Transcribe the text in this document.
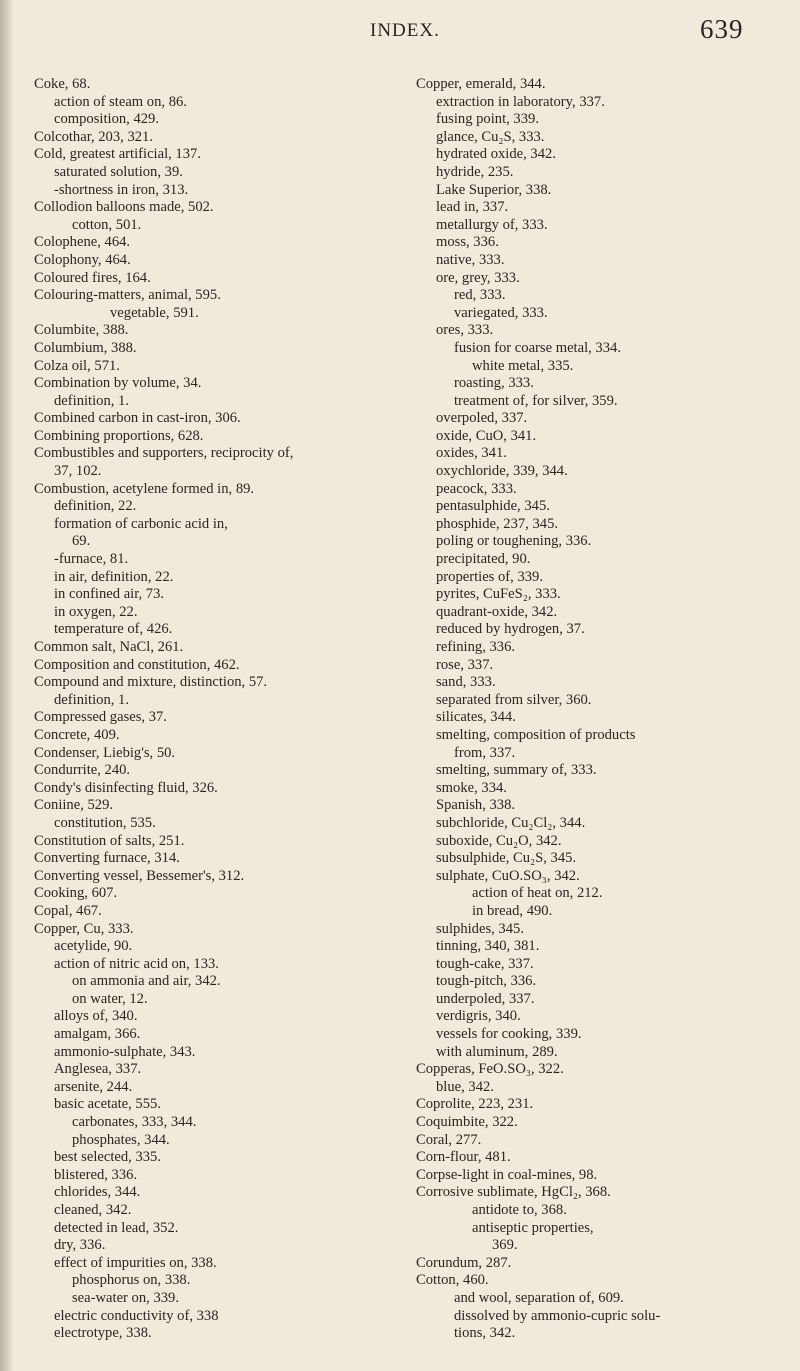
INDEX.	639
Coke, 68.
action of steam on, 86.
composition, 429.
Colcothar, 203, 321.
Cold, greatest artificial, 137.
saturated solution, 39.
-shortness in iron, 313.
Collodion balloons made, 502.
cotton, 501.
Colophene, 464.
Colophony, 464.
Coloured fires, 164.
Colouring-matters, animal, 595.
vegetable, 591.
Columbite, 388.
Columbium, 388.
Colza oil, 571.
Combination by volume, 34.
definition, 1.
Combined carbon in cast-iron, 306.
Combining proportions, 628.
Combustibles and supporters, reciprocity of,
37, 102.
Combustion, acetylene formed in, 89.
definition, 22.
formation of carbonic acid in,
69.
-furnace, 81.
in air, definition, 22.
in confined air, 73.
in oxygen, 22.
temperature of, 426.
Common salt, NaCl, 261.
Composition and constitution, 462.
Compound and mixture, distinction, 57.
definition, 1.
Compressed gases, 37.
Concrete, 409.
Condenser, Liebig's, 50.
Condurrite, 240.
Condy's disinfecting fluid, 326.
Coniine, 529.
constitution, 535.
Constitution of salts, 251.
Converting furnace, 314.
Converting vessel, Bessemer's, 312.
Cooking, 607.
Copal, 467.
Copper, Cu, 333.
acetylide, 90.
action of nitric acid on, 133.
on ammonia and air, 342.
on water, 12.
alloys of, 340.
amalgam, 366.
ammonio-sulphate, 343.
Anglesea, 337.
arsenite, 244.
basic acetate, 555.
carbonates, 333, 344.
phosphates, 344.
best selected, 335.
blistered, 336.
chlorides, 344.
cleaned, 342.
detected in lead, 352.
dry, 336.
effect of impurities on, 338.
phosphorus on, 338.
sea-water on, 339.
electric conductivity of, 338
electrotype, 338.
Copper, emerald, 344.
extraction in laboratory, 337.
fusing point, 339.
glance, Cu₂S, 333.
hydrated oxide, 342.
hydride, 235.
Lake Superior, 338.
lead in, 337.
metallurgy of, 333.
moss, 336.
native, 333.
ore, grey, 333.
red, 333.
variegated, 333.
ores, 333.
fusion for coarse metal, 334.
white metal, 335.
roasting, 333.
treatment of, for silver, 359.
overpoled, 337.
oxide, CuO, 341.
oxides, 341.
oxychloride, 339, 344.
peacock, 333.
pentasulphide, 345.
phosphide, 237, 345.
poling or toughening, 336.
precipitated, 90.
properties of, 339.
pyrites, CuFeS₂, 333.
quadrant-oxide, 342.
reduced by hydrogen, 37.
refining, 336.
rose, 337.
sand, 333.
separated from silver, 360.
silicates, 344.
smelting, composition of products
from, 337.
smelting, summary of, 333.
smoke, 334.
Spanish, 338.
subchloride, Cu₂Cl₂, 344.
suboxide, Cu₂O, 342.
subsulphide, Cu₂S, 345.
sulphate, CuO.SO₃, 342.
action of heat on, 212.
in bread, 490.
sulphides, 345.
tinning, 340, 381.
tough-cake, 337.
tough-pitch, 336.
underpoled, 337.
verdigris, 340.
vessels for cooking, 339.
with aluminum, 289.
Copperas, FeO.SO₃, 322.
blue, 342.
Coprolite, 223, 231.
Coquimbite, 322.
Coral, 277.
Corn-flour, 481.
Corpse-light in coal-mines, 98.
Corrosive sublimate, HgCl₂, 368.
antidote to, 368.
antiseptic properties,
369.
Corundum, 287.
Cotton, 460.
and wool, separation of, 609.
dissolved by ammonio-cupric solu-
tions, 342.
